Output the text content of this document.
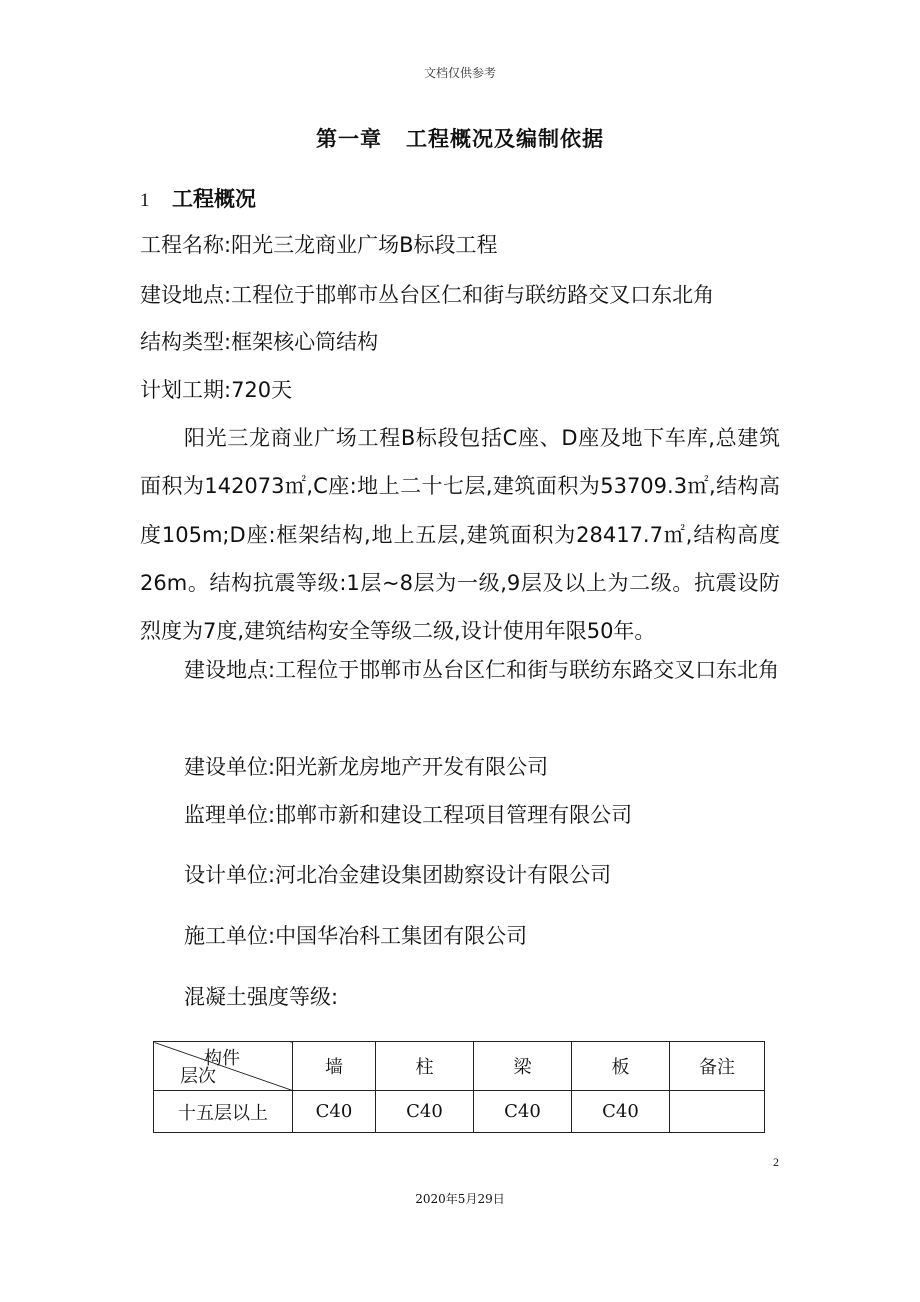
文档仅供参考
第一章 工程概况及编制依据
1 工程概况
工程名称:阳光三龙商业广场B标段工程
建设地点:工程位于邯郸市丛台区仁和街与联纺路交叉口东北角
结构类型:框架核心筒结构
计划工期:720天
阳光三龙商业广场工程B标段包括C座、D座及地下车库,总建筑面积为142073㎡,C座:地上二十七层,建筑面积为53709.3㎡,结构高度105m;D座:框架结构,地上五层,建筑面积为28417.7㎡,结构高度26m。结构抗震等级:1层~8层为一级,9层及以上为二级。抗震设防烈度为7度,建筑结构安全等级二级,设计使用年限50年。
建设地点:工程位于邯郸市丛台区仁和街与联纺东路交叉口东北角
建设单位:阳光新龙房地产开发有限公司
监理单位:邯郸市新和建设工程项目管理有限公司
设计单位:河北冶金建设集团勘察设计有限公司
施工单位:中国华冶科工集团有限公司
混凝土强度等级:
构件
层次	墙	柱	梁	板	备注
十五层以上	C40	C40	C40	C40	
2
2020年5月29日
